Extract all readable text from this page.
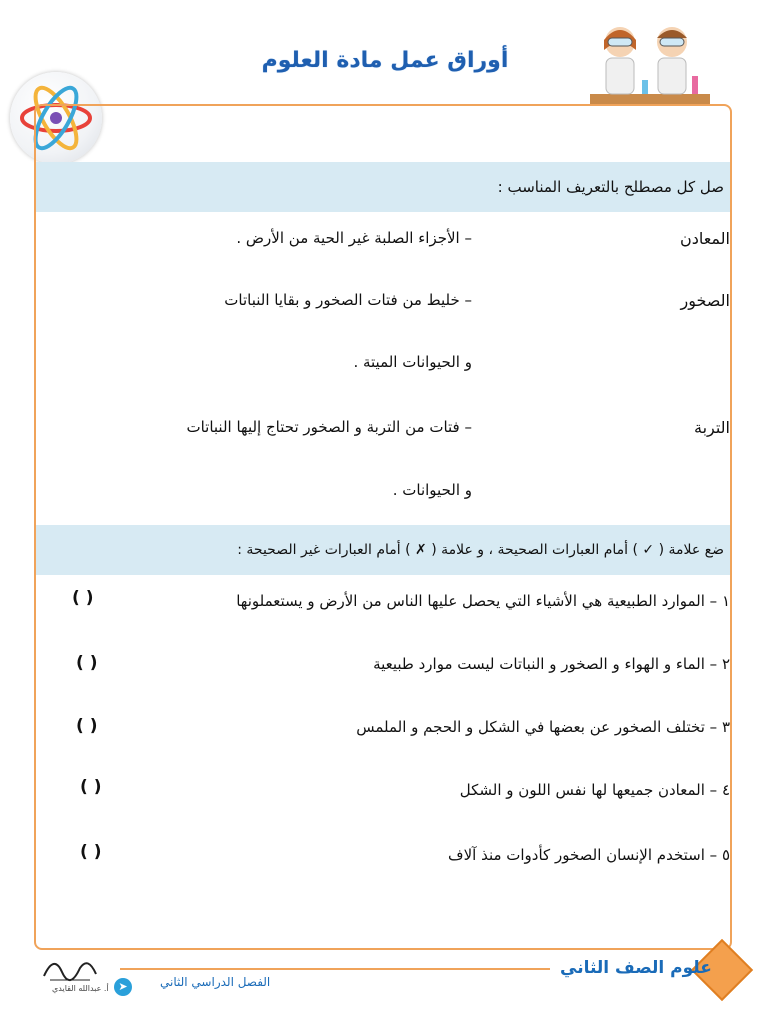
أوراق عمل مادة العلوم
صل كل مصطلح بالتعريف المناسب :
المعادن
الصخور
التربة
– الأجزاء الصلبة غير الحية من الأرض .
– خليط من فتات الصخور و بقايا النباتات
و الحيوانات الميتة .
– فتات من التربة و الصخور تحتاج إليها النباتات
و الحيوانات .
ضع علامة ( ✓ ) أمام العبارات الصحيحة ، و علامة ( ✗ ) أمام العبارات غير الصحيحة :
١ – الموارد الطبيعية هي الأشياء التي يحصل عليها الناس من الأرض و يستعملونها
٢ – الماء و الهواء و الصخور و النباتات ليست موارد طبيعية
٣ – تختلف الصخور عن بعضها في الشكل و الحجم و الملمس
٤ – المعادن جميعها لها نفس اللون و الشكل
٥ – استخدم الإنسان الصخور كأدوات منذ آلاف
( )
( )
( )
( )
( )
علوم الصف الثاني
الفصل الدراسي الثاني
➤
أ. عبدالله القايدي
